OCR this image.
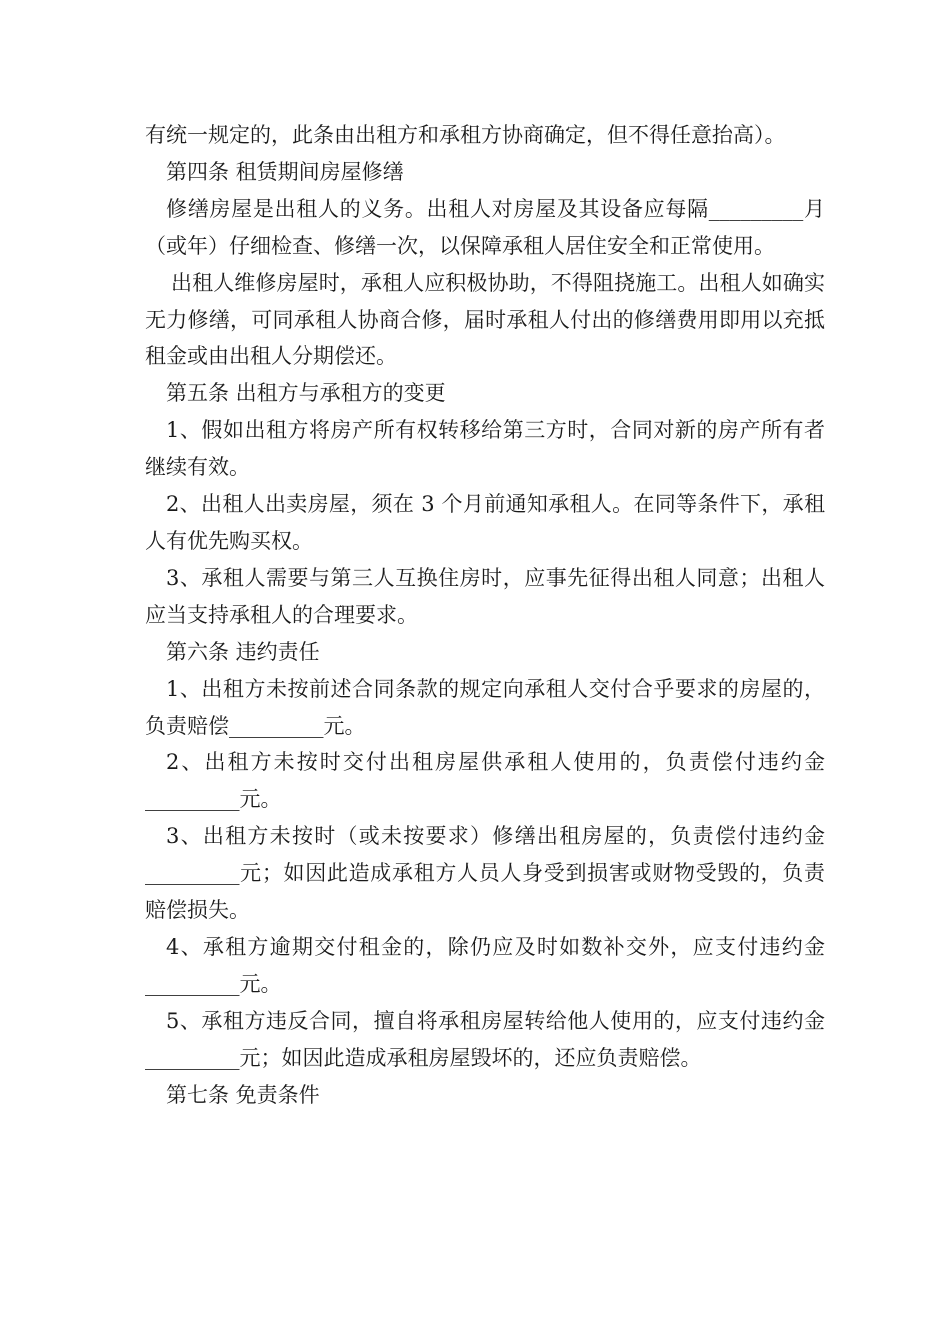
有统一规定的，此条由出租方和承租方协商确定，但不得任意抬高）。

第四条 租赁期间房屋修缮

修缮房屋是出租人的义务。出租人对房屋及其设备应每隔_________月（或年）仔细检查、修缮一次，以保障承租人居住安全和正常使用。

出租人维修房屋时，承租人应积极协助，不得阻挠施工。出租人如确实无力修缮，可同承租人协商合修，届时承租人付出的修缮费用即用以充抵租金或由出租人分期偿还。

第五条 出租方与承租方的变更

1、假如出租方将房产所有权转移给第三方时，合同对新的房产所有者继续有效。

2、出租人出卖房屋，须在 3 个月前通知承租人。在同等条件下，承租人有优先购买权。

3、承租人需要与第三人互换住房时，应事先征得出租人同意；出租人应当支持承租人的合理要求。

第六条 违约责任

1、出租方未按前述合同条款的规定向承租人交付合乎要求的房屋的，负责赔偿_________元。

2、出租方未按时交付出租房屋供承租人使用的，负责偿付违约金_________元。

3、出租方未按时（或未按要求）修缮出租房屋的，负责偿付违约金_________元；如因此造成承租方人员人身受到损害或财物受毁的，负责赔偿损失。

4、承租方逾期交付租金的，除仍应及时如数补交外，应支付违约金_________元。

5、承租方违反合同，擅自将承租房屋转给他人使用的，应支付违约金_________元；如因此造成承租房屋毁坏的，还应负责赔偿。

第七条 免责条件
